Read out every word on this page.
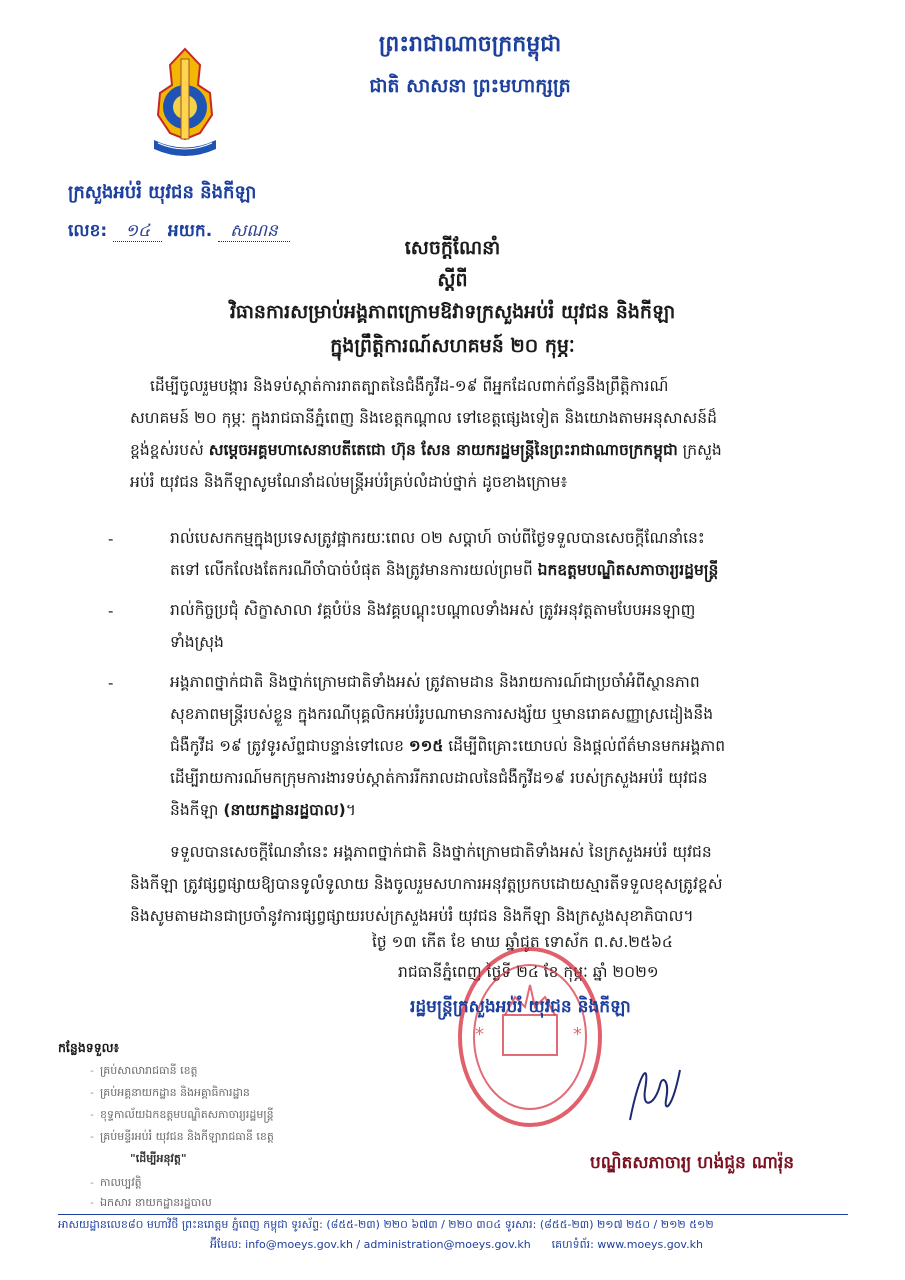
ព្រះរាជាណាចក្រកម្ពុជា
ជាតិ សាសនា ព្រះមហាក្សត្រ
ក្រសួងអប់រំ យុវជន និងកីឡា
លេខ: ១៤ អយក. សណន
សេចក្តីណែនាំ
ស្តីពី
វិធានការសម្រាប់អង្គភាពក្រោមឱវាទក្រសួងអប់រំ យុវជន និងកីឡា
ក្នុងព្រឹត្តិការណ៍សហគមន៍ ២០ កុម្ភៈ
ដើម្បីចូលរួមបង្ការ និងទប់ស្កាត់ការរាតត្បាតនៃជំងឺកូវីដ-១៩ ពីអ្នកដែលពាក់ព័ន្ធនឹងព្រឹត្តិការណ៍
សហគមន៍ ២០ កុម្ភៈ ក្នុងរាជធានីភ្នំពេញ និងខេត្តកណ្តាល ទៅខេត្តផ្សេងទៀត និងយោងតាមអនុសាសន៍ដ៏
ខ្ពង់ខ្ពស់របស់ សម្តេចអគ្គមហាសេនាបតីតេជោ ហ៊ុន សែន នាយករដ្ឋមន្ត្រីនៃព្រះរាជាណាចក្រកម្ពុជា ក្រសួង
អប់រំ យុវជន និងកីឡាសូមណែនាំដល់មន្ត្រីអប់រំគ្រប់លំដាប់ថ្នាក់ ដូចខាងក្រោម៖
-	រាល់បេសកកម្មក្នុងប្រទេសត្រូវផ្អាករយៈពេល ០២ សប្តាហ៍ ចាប់ពីថ្ងៃទទួលបានសេចក្តីណែនាំនេះ
តទៅ លើកលែងតែករណីចាំបាច់បំផុត និងត្រូវមានការយល់ព្រមពី ឯកឧត្តមបណ្ឌិតសភាចារ្យរដ្ឋមន្ត្រី
-	រាល់កិច្ចប្រជុំ សិក្ខាសាលា វគ្គបំប៉ន និងវគ្គបណ្តុះបណ្តាលទាំងអស់ ត្រូវអនុវត្តតាមបែបអនឡាញ
ទាំងស្រុង
-	អង្គភាពថ្នាក់ជាតិ និងថ្នាក់ក្រោមជាតិទាំងអស់ ត្រូវតាមដាន និងរាយការណ៍ជាប្រចាំអំពីស្ថានភាព
សុខភាពមន្ត្រីរបស់ខ្លួន ក្នុងករណីបុគ្គលិកអប់រំរូបណាមានការសង្ស័យ ឬមានរោគសញ្ញាស្រដៀងនឹង
ជំងឺកូវីដ ១៩ ត្រូវទូរស័ព្ទជាបន្ទាន់ទៅលេខ ១១៥ ដើម្បីពិគ្រោះយោបល់ និងផ្តល់ព័ត៌មានមកអង្គភាព
ដើម្បីរាយការណ៍មកក្រុមការងារទប់ស្កាត់ការរីករាលដាលនៃជំងឺកូវីដ១៩ របស់ក្រសួងអប់រំ យុវជន
និងកីឡា (នាយកដ្ឋានរដ្ឋបាល)។
ទទួលបានសេចក្តីណែនាំនេះ អង្គភាពថ្នាក់ជាតិ និងថ្នាក់ក្រោមជាតិទាំងអស់ នៃក្រសួងអប់រំ យុវជន
និងកីឡា ត្រូវផ្សព្វផ្សាយឱ្យបានទូលំទូលាយ និងចូលរួមសហការអនុវត្តប្រកបដោយស្មារតីទទួលខុសត្រូវខ្ពស់
និងសូមតាមដានជាប្រចាំនូវការផ្សព្វផ្សាយរបស់ក្រសួងអប់រំ យុវជន និងកីឡា និងក្រសួងសុខាភិបាល។
ថ្ងៃ ១៣ កើត ខែ មាឃ ឆ្នាំជូត ទោស័ក ព.ស.២៥៦៤
រាជធានីភ្នំពេញ ថ្ងៃទី ២៤ ខែ កុម្ភៈ ឆ្នាំ ២០២១
*	*
រដ្ឋមន្ត្រីក្រសួងអប់រំ យុវជន និងកីឡា
បណ្ឌិតសភាចារ្យ ហង់ជួន ណារ៉ុន
កន្លែងទទួល៖
- គ្រប់សាលារាជធានី ខេត្ត
- គ្រប់អគ្គនាយកដ្ឋាន និងអគ្គាធិការដ្ឋាន
- ខុទ្ទកាល័យឯកឧត្តមបណ្ឌិតសភាចារ្យរដ្ឋមន្ត្រី
- គ្រប់មន្ទីរអប់រំ យុវជន និងកីឡារាជធានី ខេត្ត
"ដើម្បីអនុវត្ត"
- កាលប្បវត្តិ
- ឯកសារ នាយកដ្ឋានរដ្ឋបាល
អាសយដ្ឋានលេខ៨០ មហាវិថី ព្រះនរោត្តម ភ្នំពេញ កម្ពុជា ទូរស័ព្ទ: (៨៥៥-២៣) ២២០ ៦៧៣ / ២២០ ៣០៤ ទូរសារ: (៨៥៥-២៣) ២១៧ ២៥០ / ២១២ ៥១២
អ៊ីមែល: info@moeys.gov.kh / administration@moeys.gov.kh គេហទំព័រ: www.moeys.gov.kh
